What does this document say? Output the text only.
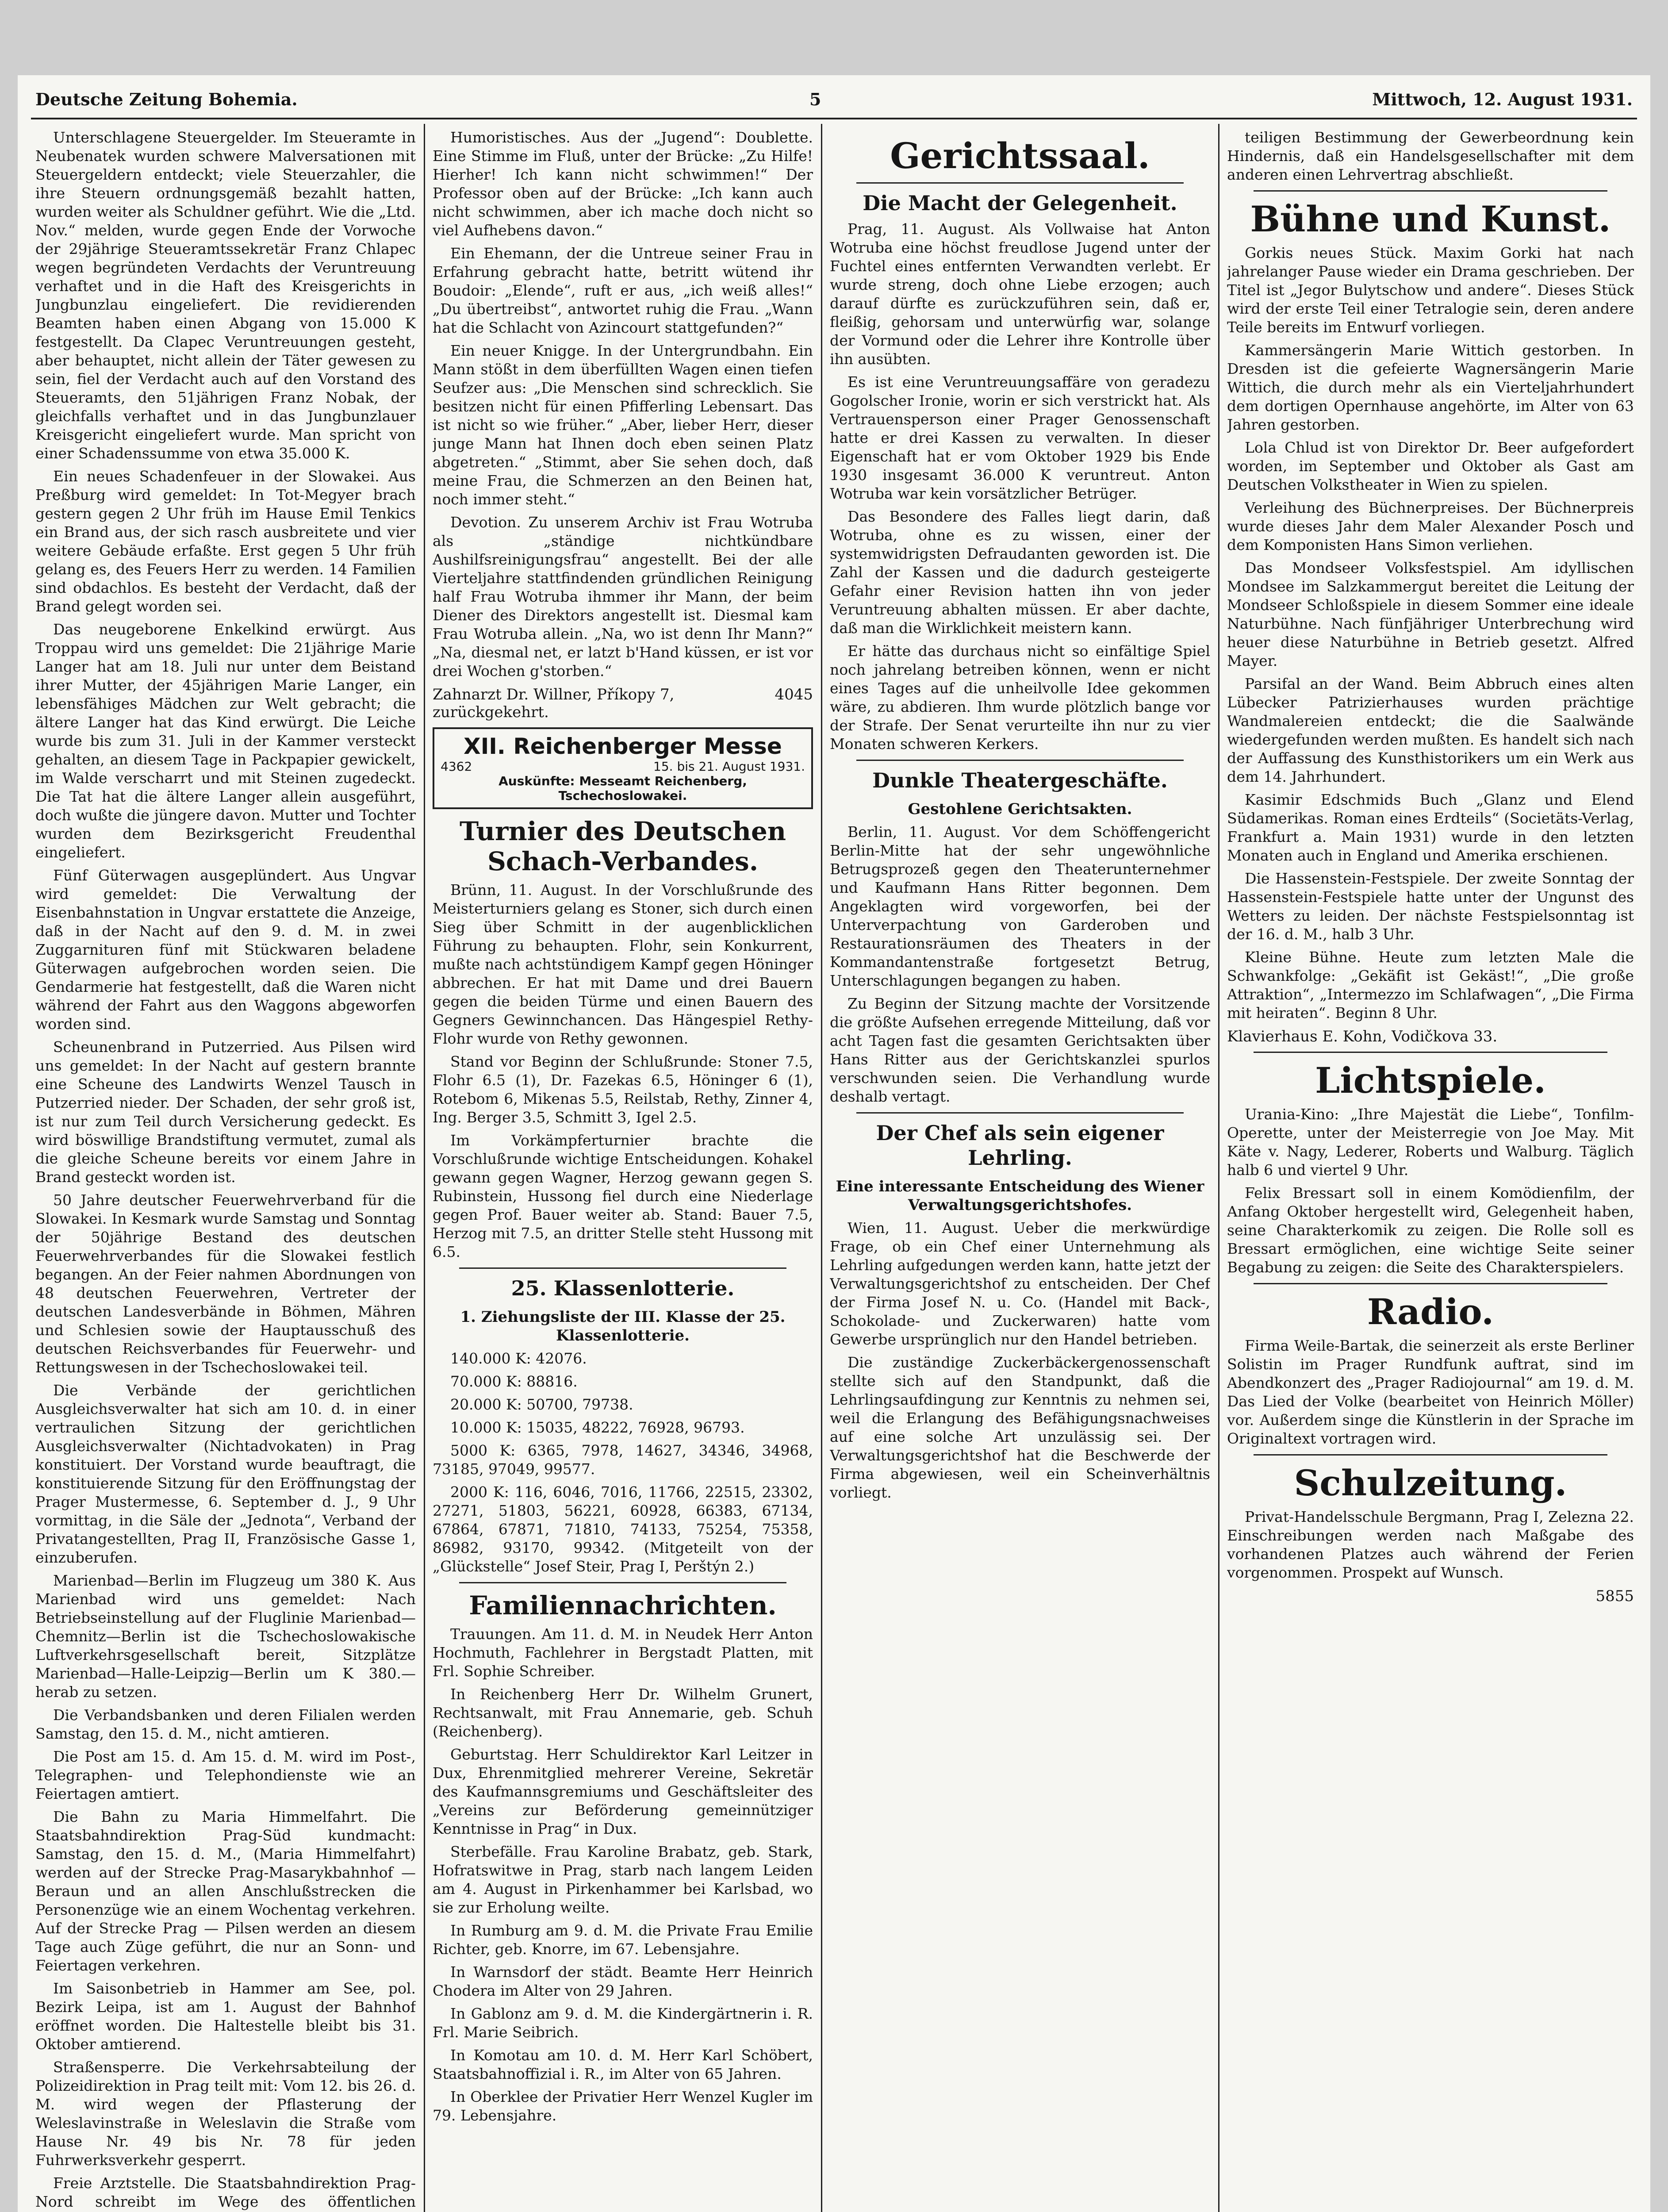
Deutsche Zeitung Bohemia.	5	Mittwoch, 12. August 1931.

Unterschlagene Steuergelder. Im Steueramte in Neubenatek wurden schwere Malversationen mit Steuergeldern entdeckt; viele Steuerzahler, die ihre Steuern ordnungsgemäß bezahlt hatten, wurden weiter als Schuldner geführt. Wie die „Ltd. Nov.“ melden, wurde gegen Ende der Vorwoche der 29jährige Steueramtssekretär Franz Chlapec wegen begründeten Verdachts der Veruntreuung verhaftet und in die Haft des Kreisgerichts in Jungbunzlau eingeliefert. Die revidierenden Beamten haben einen Abgang von 15.000 K festgestellt. Da Clapec Veruntreuungen gesteht, aber behauptet, nicht allein der Täter gewesen zu sein, fiel der Verdacht auch auf den Vorstand des Steueramts, den 51jährigen Franz Nobak, der gleichfalls verhaftet und in das Jungbunzlauer Kreisgericht eingeliefert wurde. Man spricht von einer Schadenssumme von etwa 35.000 K.

Ein neues Schadenfeuer in der Slowakei. Aus Preßburg wird gemeldet: In Tot-Megyer brach gestern gegen 2 Uhr früh im Hause Emil Tenkics ein Brand aus, der sich rasch ausbreitete und vier weitere Gebäude erfaßte. Erst gegen 5 Uhr früh gelang es, des Feuers Herr zu werden. 14 Familien sind obdachlos. Es besteht der Verdacht, daß der Brand gelegt worden sei.

Das neugeborene Enkelkind erwürgt. Aus Troppau wird uns gemeldet: Die 21jährige Marie Langer hat am 18. Juli nur unter dem Beistand ihrer Mutter, der 45jährigen Marie Langer, ein lebensfähiges Mädchen zur Welt gebracht; die ältere Langer hat das Kind erwürgt. Die Leiche wurde bis zum 31. Juli in der Kammer versteckt gehalten, an diesem Tage in Packpapier gewickelt, im Walde verscharrt und mit Steinen zugedeckt. Die Tat hat die ältere Langer allein ausgeführt, doch wußte die jüngere davon. Mutter und Tochter wurden dem Bezirksgericht Freudenthal eingeliefert.

Fünf Güterwagen ausgeplündert. Aus Ungvar wird gemeldet: Die Verwaltung der Eisenbahnstation in Ungvar erstattete die Anzeige, daß in der Nacht auf den 9. d. M. in zwei Zuggarnituren fünf mit Stückwaren beladene Güterwagen aufgebrochen worden seien. Die Gendarmerie hat festgestellt, daß die Waren nicht während der Fahrt aus den Waggons abgeworfen worden sind.

Scheunenbrand in Putzerried. Aus Pilsen wird uns gemeldet: In der Nacht auf gestern brannte eine Scheune des Landwirts Wenzel Tausch in Putzerried nieder. Der Schaden, der sehr groß ist, ist nur zum Teil durch Versicherung gedeckt. Es wird böswillige Brandstiftung vermutet, zumal als die gleiche Scheune bereits vor einem Jahre in Brand gesteckt worden ist.

50 Jahre deutscher Feuerwehrverband für die Slowakei. In Kesmark wurde Samstag und Sonntag der 50jährige Bestand des deutschen Feuerwehrverbandes für die Slowakei festlich begangen. An der Feier nahmen Abordnungen von 48 deutschen Feuerwehren, Vertreter der deutschen Landesverbände in Böhmen, Mähren und Schlesien sowie der Hauptausschuß des deutschen Reichsverbandes für Feuerwehr- und Rettungswesen in der Tschechoslowakei teil.

Die Verbände der gerichtlichen Ausgleichsverwalter hat sich am 10. d. in einer vertraulichen Sitzung der gerichtlichen Ausgleichsverwalter (Nichtadvokaten) in Prag konstituiert. Der Vorstand wurde beauftragt, die konstituierende Sitzung für den Eröffnungstag der Prager Mustermesse, 6. September d. J., 9 Uhr vormittag, in die Säle der „Jednota“, Verband der Privatangestellten, Prag II, Französische Gasse 1, einzuberufen.

Marienbad—Berlin im Flugzeug um 380 K. Aus Marienbad wird uns gemeldet: Nach Betriebseinstellung auf der Fluglinie Marienbad—Chemnitz—Berlin ist die Tschechoslowakische Luftverkehrsgesellschaft bereit, Sitzplätze Marienbad—Halle-Leipzig—Berlin um K 380.— herab zu setzen.

Die Verbandsbanken und deren Filialen werden Samstag, den 15. d. M., nicht amtieren.

Die Post am 15. d. Am 15. d. M. wird im Post-, Telegraphen- und Telephondienste wie an Feiertagen amtiert.

Die Bahn zu Maria Himmelfahrt. Die Staatsbahndirektion Prag-Süd kundmacht: Samstag, den 15. d. M., (Maria Himmelfahrt) werden auf der Strecke Prag-Masarykbahnhof — Beraun und an allen Anschlußstrecken die Personenzüge wie an einem Wochentag verkehren. Auf der Strecke Prag — Pilsen werden an diesem Tage auch Züge geführt, die nur an Sonn- und Feiertagen verkehren.

Im Saisonbetrieb in Hammer am See, pol. Bezirk Leipa, ist am 1. August der Bahnhof eröffnet worden. Die Haltestelle bleibt bis 31. Oktober amtierend.

Straßensperre. Die Verkehrsabteilung der Polizeidirektion in Prag teilt mit: Vom 12. bis 26. d. M. wird wegen der Pflasterung der Weleslavinstraße in Weleslavin die Straße vom Hause Nr. 49 bis Nr. 78 für jeden Fuhrwerksverkehr gesperrt.

Freie Arztstelle. Die Staatsbahndirektion Prag-Nord schreibt im Wege des öffentlichen

Humoristisches. Aus der „Jugend“: Doublette. Eine Stimme im Fluß, unter der Brücke: „Zu Hilfe! Hierher! Ich kann nicht schwimmen!“ Der Professor oben auf der Brücke: „Ich kann auch nicht schwimmen, aber ich mache doch nicht so viel Aufhebens davon.“

Ein Ehemann, der die Untreue seiner Frau in Erfahrung gebracht hatte, betritt wütend ihr Boudoir: „Elende“, ruft er aus, „ich weiß alles!“ „Du übertreibst“, antwortet ruhig die Frau. „Wann hat die Schlacht von Azincourt stattgefunden?“

Ein neuer Knigge. In der Untergrundbahn. Ein Mann stößt in dem überfüllten Wagen einen tiefen Seufzer aus: „Die Menschen sind schrecklich. Sie besitzen nicht für einen Pfifferling Lebensart. Das ist nicht so wie früher.“ „Aber, lieber Herr, dieser junge Mann hat Ihnen doch eben seinen Platz abgetreten.“ „Stimmt, aber Sie sehen doch, daß meine Frau, die Schmerzen an den Beinen hat, noch immer steht.“

Devotion. Zu unserem Archiv ist Frau Wotruba als „ständige nichtkündbare Aushilfsreinigungsfrau“ angestellt. Bei der alle Vierteljahre stattfindenden gründlichen Reinigung half Frau Wotruba ihmmer ihr Mann, der beim Diener des Direktors angestellt ist. Diesmal kam Frau Wotruba allein. „Na, wo ist denn Ihr Mann?“ „Na, diesmal net, er latzt b'Hand küssen, er ist vor drei Wochen g'storben.“

Zahnarzt Dr. Willner, Příkopy 7, zurückgekehrt.
4045
XII. Reichenberger Messe
4362	15. bis 21. August 1931.
Auskünfte: Messeamt Reichenberg, Tschechoslowakei.
Turnier des Deutschen Schach-Verbandes.

Brünn, 11. August. In der Vorschlußrunde des Meisterturniers gelang es Stoner, sich durch einen Sieg über Schmitt in der augenblicklichen Führung zu behaupten. Flohr, sein Konkurrent, mußte nach achtstündigem Kampf gegen Höninger abbrechen. Er hat mit Dame und drei Bauern gegen die beiden Türme und einen Bauern des Gegners Gewinnchancen. Das Hängespiel Rethy-Flohr wurde von Rethy gewonnen.

Stand vor Beginn der Schlußrunde: Stoner 7.5, Flohr 6.5 (1), Dr. Fazekas 6.5, Höninger 6 (1), Rotebom 6, Mikenas 5.5, Reilstab, Rethy, Zinner 4, Ing. Berger 3.5, Schmitt 3, Igel 2.5.

Im Vorkämpferturnier brachte die Vorschlußrunde wichtige Entscheidungen. Kohakel gewann gegen Wagner, Herzog gewann gegen S. Rubinstein, Hussong fiel durch eine Niederlage gegen Prof. Bauer weiter ab. Stand: Bauer 7.5, Herzog mit 7.5, an dritter Stelle steht Hussong mit 6.5.

25. Klassenlotterie.
1. Ziehungsliste der III. Klasse der 25. Klassenlotterie.

140.000 K: 42076.

70.000 K: 88816.

20.000 K: 50700, 79738.

10.000 K: 15035, 48222, 76928, 96793.

5000 K: 6365, 7978, 14627, 34346, 34968, 73185, 97049, 99577.

2000 K: 116, 6046, 7016, 11766, 22515, 23302, 27271, 51803, 56221, 60928, 66383, 67134, 67864, 67871, 71810, 74133, 75254, 75358, 86982, 93170, 99342. (Mitgeteilt von der „Glückstelle“ Josef Steir, Prag I, Perštýn 2.)

Familiennachrichten.

Trauungen. Am 11. d. M. in Neudek Herr Anton Hochmuth, Fachlehrer in Bergstadt Platten, mit Frl. Sophie Schreiber.

In Reichenberg Herr Dr. Wilhelm Grunert, Rechtsanwalt, mit Frau Annemarie, geb. Schuh (Reichenberg).

Geburtstag. Herr Schuldirektor Karl Leitzer in Dux, Ehrenmitglied mehrerer Vereine, Sekretär des Kaufmannsgremiums und Geschäftsleiter des „Vereins zur Beförderung gemeinnütziger Kenntnisse in Prag“ in Dux.

Sterbefälle. Frau Karoline Brabatz, geb. Stark, Hofratswitwe in Prag, starb nach langem Leiden am 4. August in Pirkenhammer bei Karlsbad, wo sie zur Erholung weilte.

In Rumburg am 9. d. M. die Private Frau Emilie Richter, geb. Knorre, im 67. Lebensjahre.

In Warnsdorf der städt. Beamte Herr Heinrich Chodera im Alter von 29 Jahren.

In Gablonz am 9. d. M. die Kindergärtnerin i. R. Frl. Marie Seibrich.

In Komotau am 10. d. M. Herr Karl Schöbert, Staatsbahnoffizial i. R., im Alter von 65 Jahren.

In Oberklee der Privatier Herr Wenzel Kugler im 79. Lebensjahre.

Gerichtssaal.
Die Macht der Gelegenheit.

Prag, 11. August. Als Vollwaise hat Anton Wotruba eine höchst freudlose Jugend unter der Fuchtel eines entfernten Verwandten verlebt. Er wurde streng, doch ohne Liebe erzogen; auch darauf dürfte es zurückzuführen sein, daß er, fleißig, gehorsam und unterwürfig war, solange der Vormund oder die Lehrer ihre Kontrolle über ihn ausübten.

Es ist eine Veruntreuungsaffäre von geradezu Gogolscher Ironie, worin er sich verstrickt hat. Als Vertrauensperson einer Prager Genossenschaft hatte er drei Kassen zu verwalten. In dieser Eigenschaft hat er vom Oktober 1929 bis Ende 1930 insgesamt 36.000 K veruntreut. Anton Wotruba war kein vorsätzlicher Betrüger.

Das Besondere des Falles liegt darin, daß Wotruba, ohne es zu wissen, einer der systemwidrigsten Defraudanten geworden ist. Die Zahl der Kassen und die dadurch gesteigerte Gefahr einer Revision hatten ihn von jeder Veruntreuung abhalten müssen. Er aber dachte, daß man die Wirklichkeit meistern kann.

Er hätte das durchaus nicht so einfältige Spiel noch jahrelang betreiben können, wenn er nicht eines Tages auf die unheilvolle Idee gekommen wäre, zu abdieren. Ihm wurde plötzlich bange vor der Strafe. Der Senat verurteilte ihn nur zu vier Monaten schweren Kerkers.

Dunkle Theatergeschäfte.
Gestohlene Gerichtsakten.

Berlin, 11. August. Vor dem Schöffengericht Berlin-Mitte hat der sehr ungewöhnliche Betrugsprozeß gegen den Theaterunternehmer und Kaufmann Hans Ritter begonnen. Dem Angeklagten wird vorgeworfen, bei der Unterverpachtung von Garderoben und Restaurationsräumen des Theaters in der Kommandantenstraße fortgesetzt Betrug, Unterschlagungen begangen zu haben.

Zu Beginn der Sitzung machte der Vorsitzende die größte Aufsehen erregende Mitteilung, daß vor acht Tagen fast die gesamten Gerichtsakten über Hans Ritter aus der Gerichtskanzlei spurlos verschwunden seien. Die Verhandlung wurde deshalb vertagt.

Der Chef als sein eigener Lehrling.
Eine interessante Entscheidung des Wiener Verwaltungsgerichtshofes.

Wien, 11. August. Ueber die merkwürdige Frage, ob ein Chef einer Unternehmung als Lehrling aufgedungen werden kann, hatte jetzt der Verwaltungsgerichtshof zu entscheiden. Der Chef der Firma Josef N. u. Co. (Handel mit Back-, Schokolade- und Zuckerwaren) hatte vom Gewerbe ursprünglich nur den Handel betrieben.

Die zuständige Zuckerbäckergenossenschaft stellte sich auf den Standpunkt, daß die Lehrlingsaufdingung zur Kenntnis zu nehmen sei, weil die Erlangung des Befähigungsnachweises auf eine solche Art unzulässig sei. Der Verwaltungsgerichtshof hat die Beschwerde der Firma abgewiesen, weil ein Scheinverhältnis vorliegt.

teiligen Bestimmung der Gewerbeordnung kein Hindernis, daß ein Handelsgesellschafter mit dem anderen einen Lehrvertrag abschließt.

Bühne und Kunst.

Gorkis neues Stück. Maxim Gorki hat nach jahrelanger Pause wieder ein Drama geschrieben. Der Titel ist „Jegor Bulytschow und andere“. Dieses Stück wird der erste Teil einer Tetralogie sein, deren andere Teile bereits im Entwurf vorliegen.

Kammersängerin Marie Wittich gestorben. In Dresden ist die gefeierte Wagnersängerin Marie Wittich, die durch mehr als ein Vierteljahrhundert dem dortigen Opernhause angehörte, im Alter von 63 Jahren gestorben.

Lola Chlud ist von Direktor Dr. Beer aufgefordert worden, im September und Oktober als Gast am Deutschen Volkstheater in Wien zu spielen.

Verleihung des Büchnerpreises. Der Büchnerpreis wurde dieses Jahr dem Maler Alexander Posch und dem Komponisten Hans Simon verliehen.

Das Mondseer Volksfestspiel. Am idyllischen Mondsee im Salzkammergut bereitet die Leitung der Mondseer Schloßspiele in diesem Sommer eine ideale Naturbühne. Nach fünfjähriger Unterbrechung wird heuer diese Naturbühne in Betrieb gesetzt. Alfred Mayer.

Parsifal an der Wand. Beim Abbruch eines alten Lübecker Patrizierhauses wurden prächtige Wandmalereien entdeckt; die die Saalwände wiedergefunden werden mußten. Es handelt sich nach der Auffassung des Kunsthistorikers um ein Werk aus dem 14. Jahrhundert.

Kasimir Edschmids Buch „Glanz und Elend Südamerikas. Roman eines Erdteils“ (Societäts-Verlag, Frankfurt a. Main 1931) wurde in den letzten Monaten auch in England und Amerika erschienen.

Die Hassenstein-Festspiele. Der zweite Sonntag der Hassenstein-Festspiele hatte unter der Ungunst des Wetters zu leiden. Der nächste Festspielsonntag ist der 16. d. M., halb 3 Uhr.

Kleine Bühne. Heute zum letzten Male die Schwankfolge: „Gekäfit ist Gekäst!“, „Die große Attraktion“, „Intermezzo im Schlafwagen“, „Die Firma mit heiraten“. Beginn 8 Uhr.

Klavierhaus E. Kohn, Vodičkova 33.
Lichtspiele.

Urania-Kino: „Ihre Majestät die Liebe“, Tonfilm-Operette, unter der Meisterregie von Joe May. Mit Käte v. Nagy, Lederer, Roberts und Walburg. Täglich halb 6 und viertel 9 Uhr.

Felix Bressart soll in einem Komödienfilm, der Anfang Oktober hergestellt wird, Gelegenheit haben, seine Charakterkomik zu zeigen. Die Rolle soll es Bressart ermöglichen, eine wichtige Seite seiner Begabung zu zeigen: die Seite des Charakterspielers.

Radio.

Firma Weile-Bartak, die seinerzeit als erste Berliner Solistin im Prager Rundfunk auftrat, sind im Abendkonzert des „Prager Radiojournal“ am 19. d. M. Das Lied der Volke (bearbeitet von Heinrich Möller) vor. Außerdem singe die Künstlerin in der Sprache im Originaltext vortragen wird.

Schulzeitung.

Privat-Handelsschule Bergmann, Prag I, Zelezna 22. Einschreibungen werden nach Maßgabe des vorhandenen Platzes auch während der Ferien vorgenommen. Prospekt auf Wunsch.

5855
